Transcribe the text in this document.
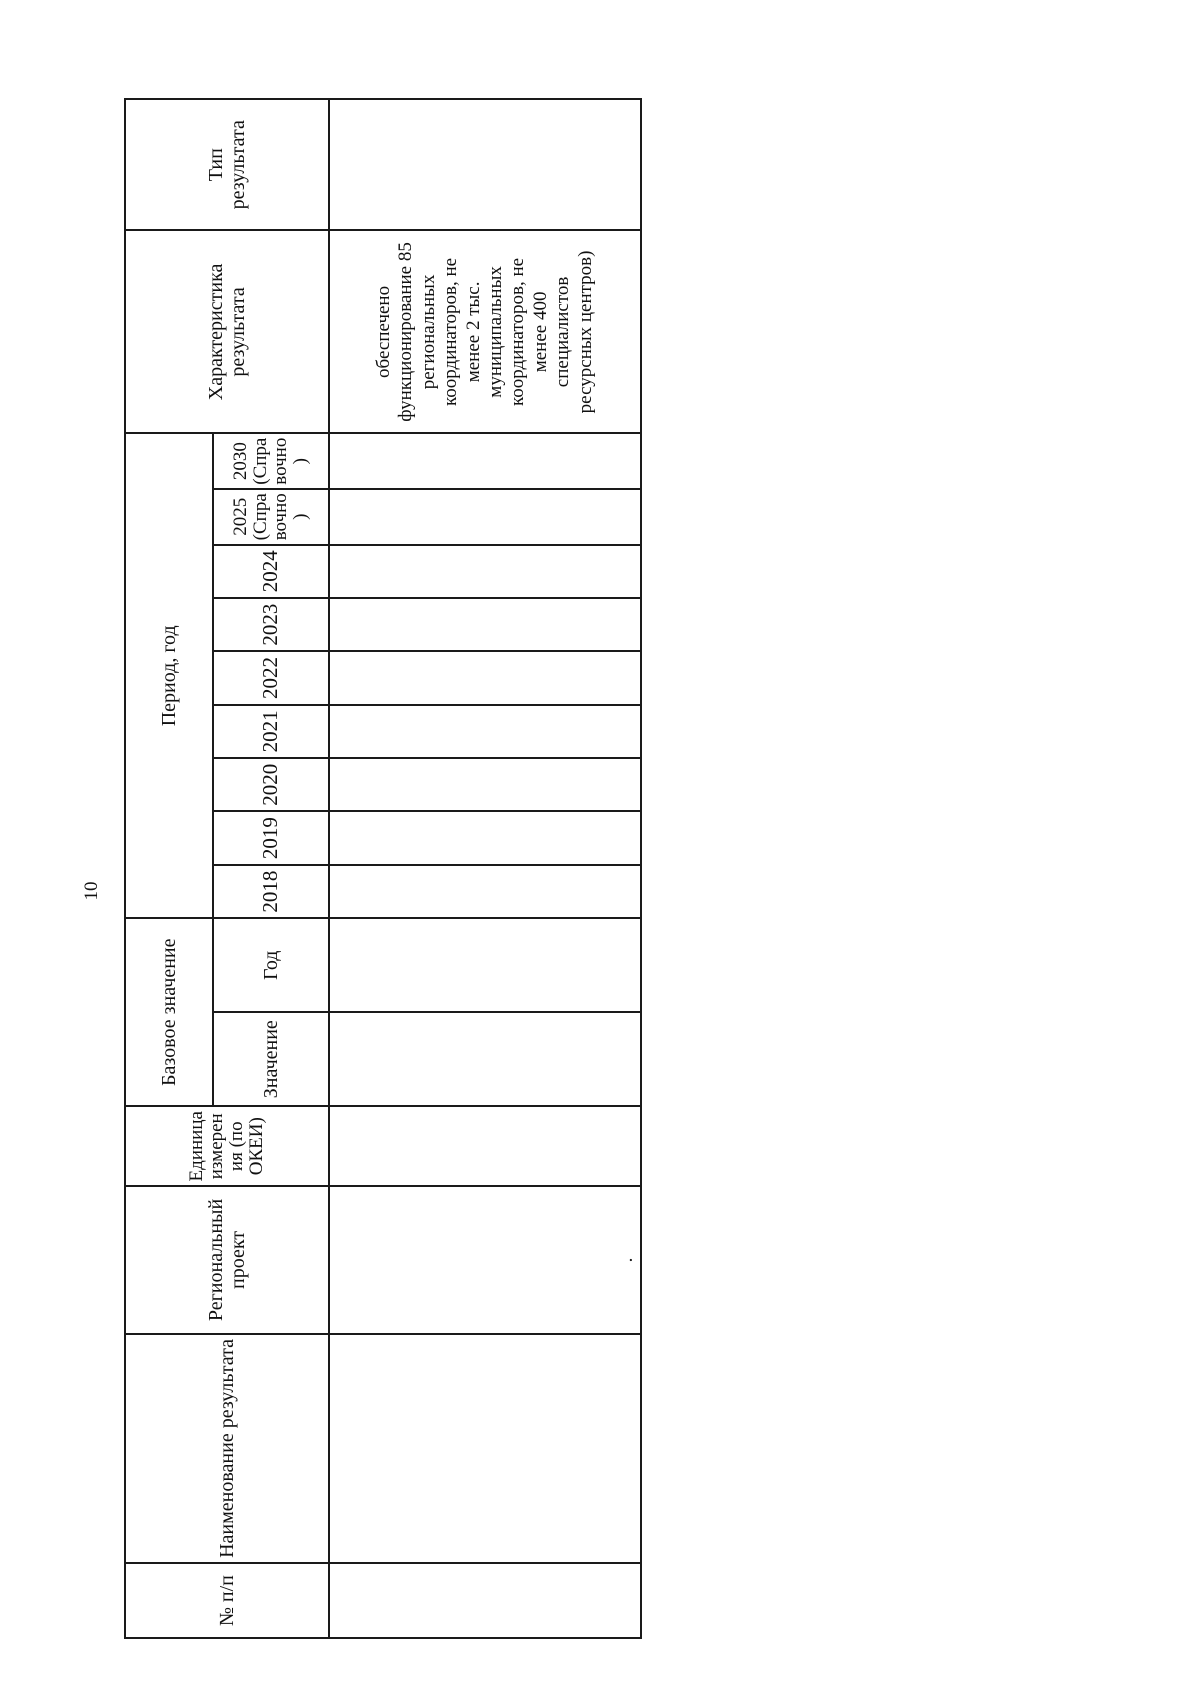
10
№ п/п	Наименование результата	Региональный проект	Единица измерения (по ОКЕИ)	Базовое значение		Период, год									Характеристика результата	Тип результата
				Значение	Год	2018	2019	2020	2021	2022	2023	2024	2025 (Справочно)	2030 (Справочно)		
		.													обеспечено функционирование 85 региональных координаторов, не менее 2 тыс. муниципальных координаторов, не менее 400 специалистов ресурсных центров)	
